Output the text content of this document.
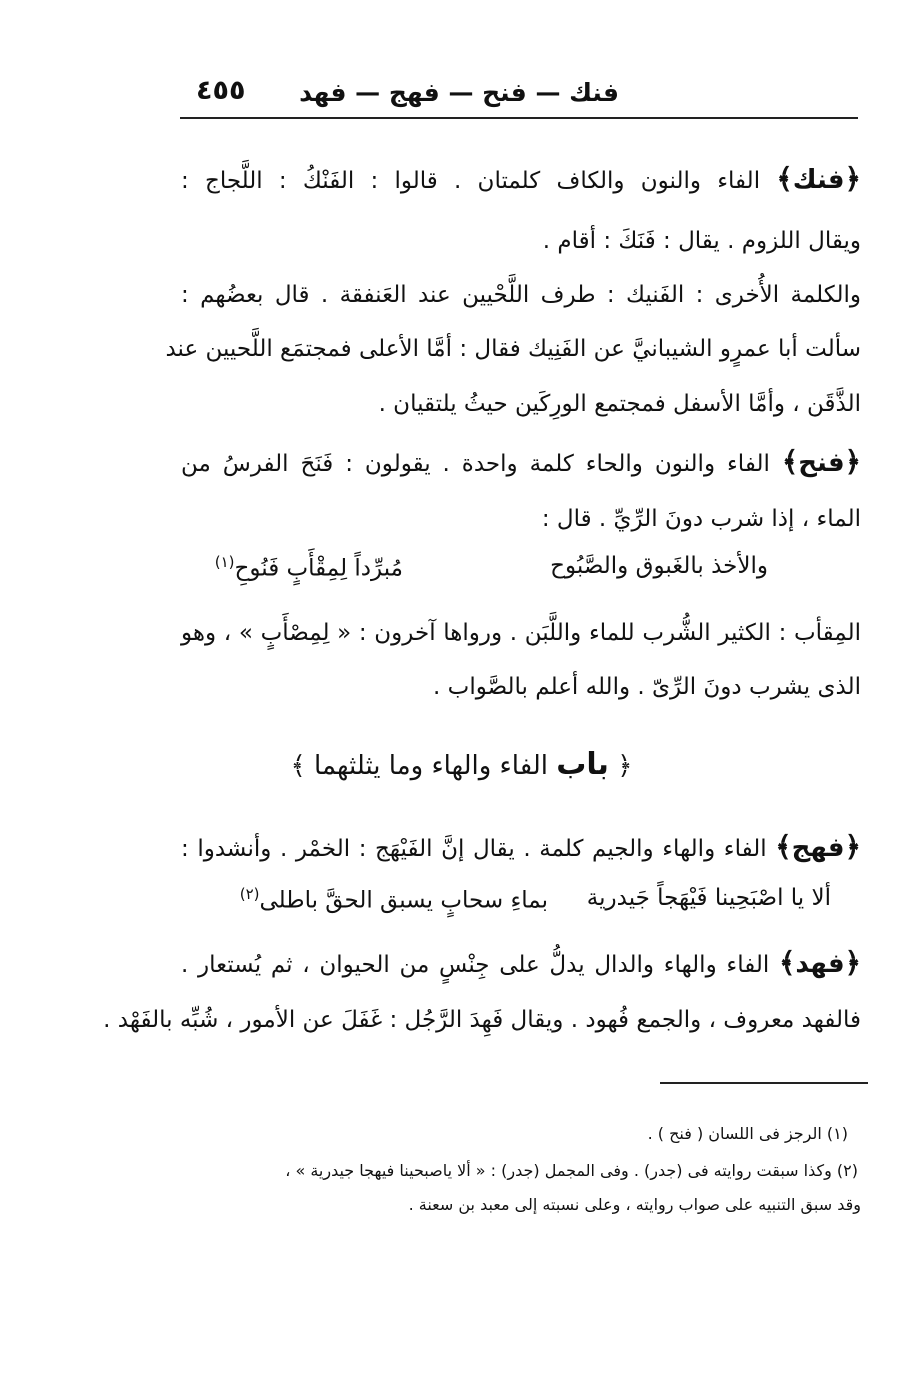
فنك — فنح — فهج — فهد
٤٥٥
﴿فنك﴾ الفاء والنون والكاف كلمتان . قالوا : الفَنْكُ : اللَّجاج :
ويقال اللزوم . يقال : فَنَكَ : أقام .
والكلمة الأُخرى : الفَنيك : طرف اللَّحْيين عند العَنفقة . قال بعضُهم :
سألت أبا عمرٍو الشيبانيَّ عن الفَنِيك فقال : أمَّا الأعلى فمجتمَع اللَّحيين عند
الذَّقَن ، وأمَّا الأسفل فمجتمع الورِكَين حيثُ يلتقيان .
﴿فنح﴾ الفاء والنون والحاء كلمة واحدة . يقولون : فَنَحَ الفرسُ من
الماء ، إذا شرب دونَ الرِّيِّ . قال :
والأخذ بالغَبوق والصَّبُوح
مُبرِّداً لِمِقْأَبٍ فَنُوحِ$^{(١)}$
المِقأب : الكثير الشُّرب للماء واللَّبَن . ورواها آخرون : « لِمِصْأَبٍ » ، وهو
الذى يشرب دونَ الرِّىّ . والله أعلم بالصَّواب .
﴿ باب الفاء والهاء وما يثلثهما ﴾
﴿فهج﴾ الفاء والهاء والجيم كلمة . يقال إنَّ الفَيْهَج : الخمْر . وأنشدوا :
ألا يا اصْبَحِينا فَيْهَجاً جَيدرية
بماءِ سحابٍ يسبق الحقَّ باطلى$^{(٢)}$
﴿فهد﴾ الفاء والهاء والدال يدلُّ على جِنْسٍ من الحيوان ، ثم يُستعار .
فالفهد معروف ، والجمع فُهود . ويقال فَهِدَ الرَّجُل : غَفَلَ عن الأمور ، شُبِّه بالفَهْد .
(١) الرجز فى اللسان ( فنح ) .
(٢) وكذا سبقت روايته فى (جدر) . وفى المجمل (جدر) : « ألا ياصبحينا فيهجا جيدرية » ،
وقد سبق التنبيه على صواب روايته ، وعلى نسبته إلى معبد بن سعنة .
